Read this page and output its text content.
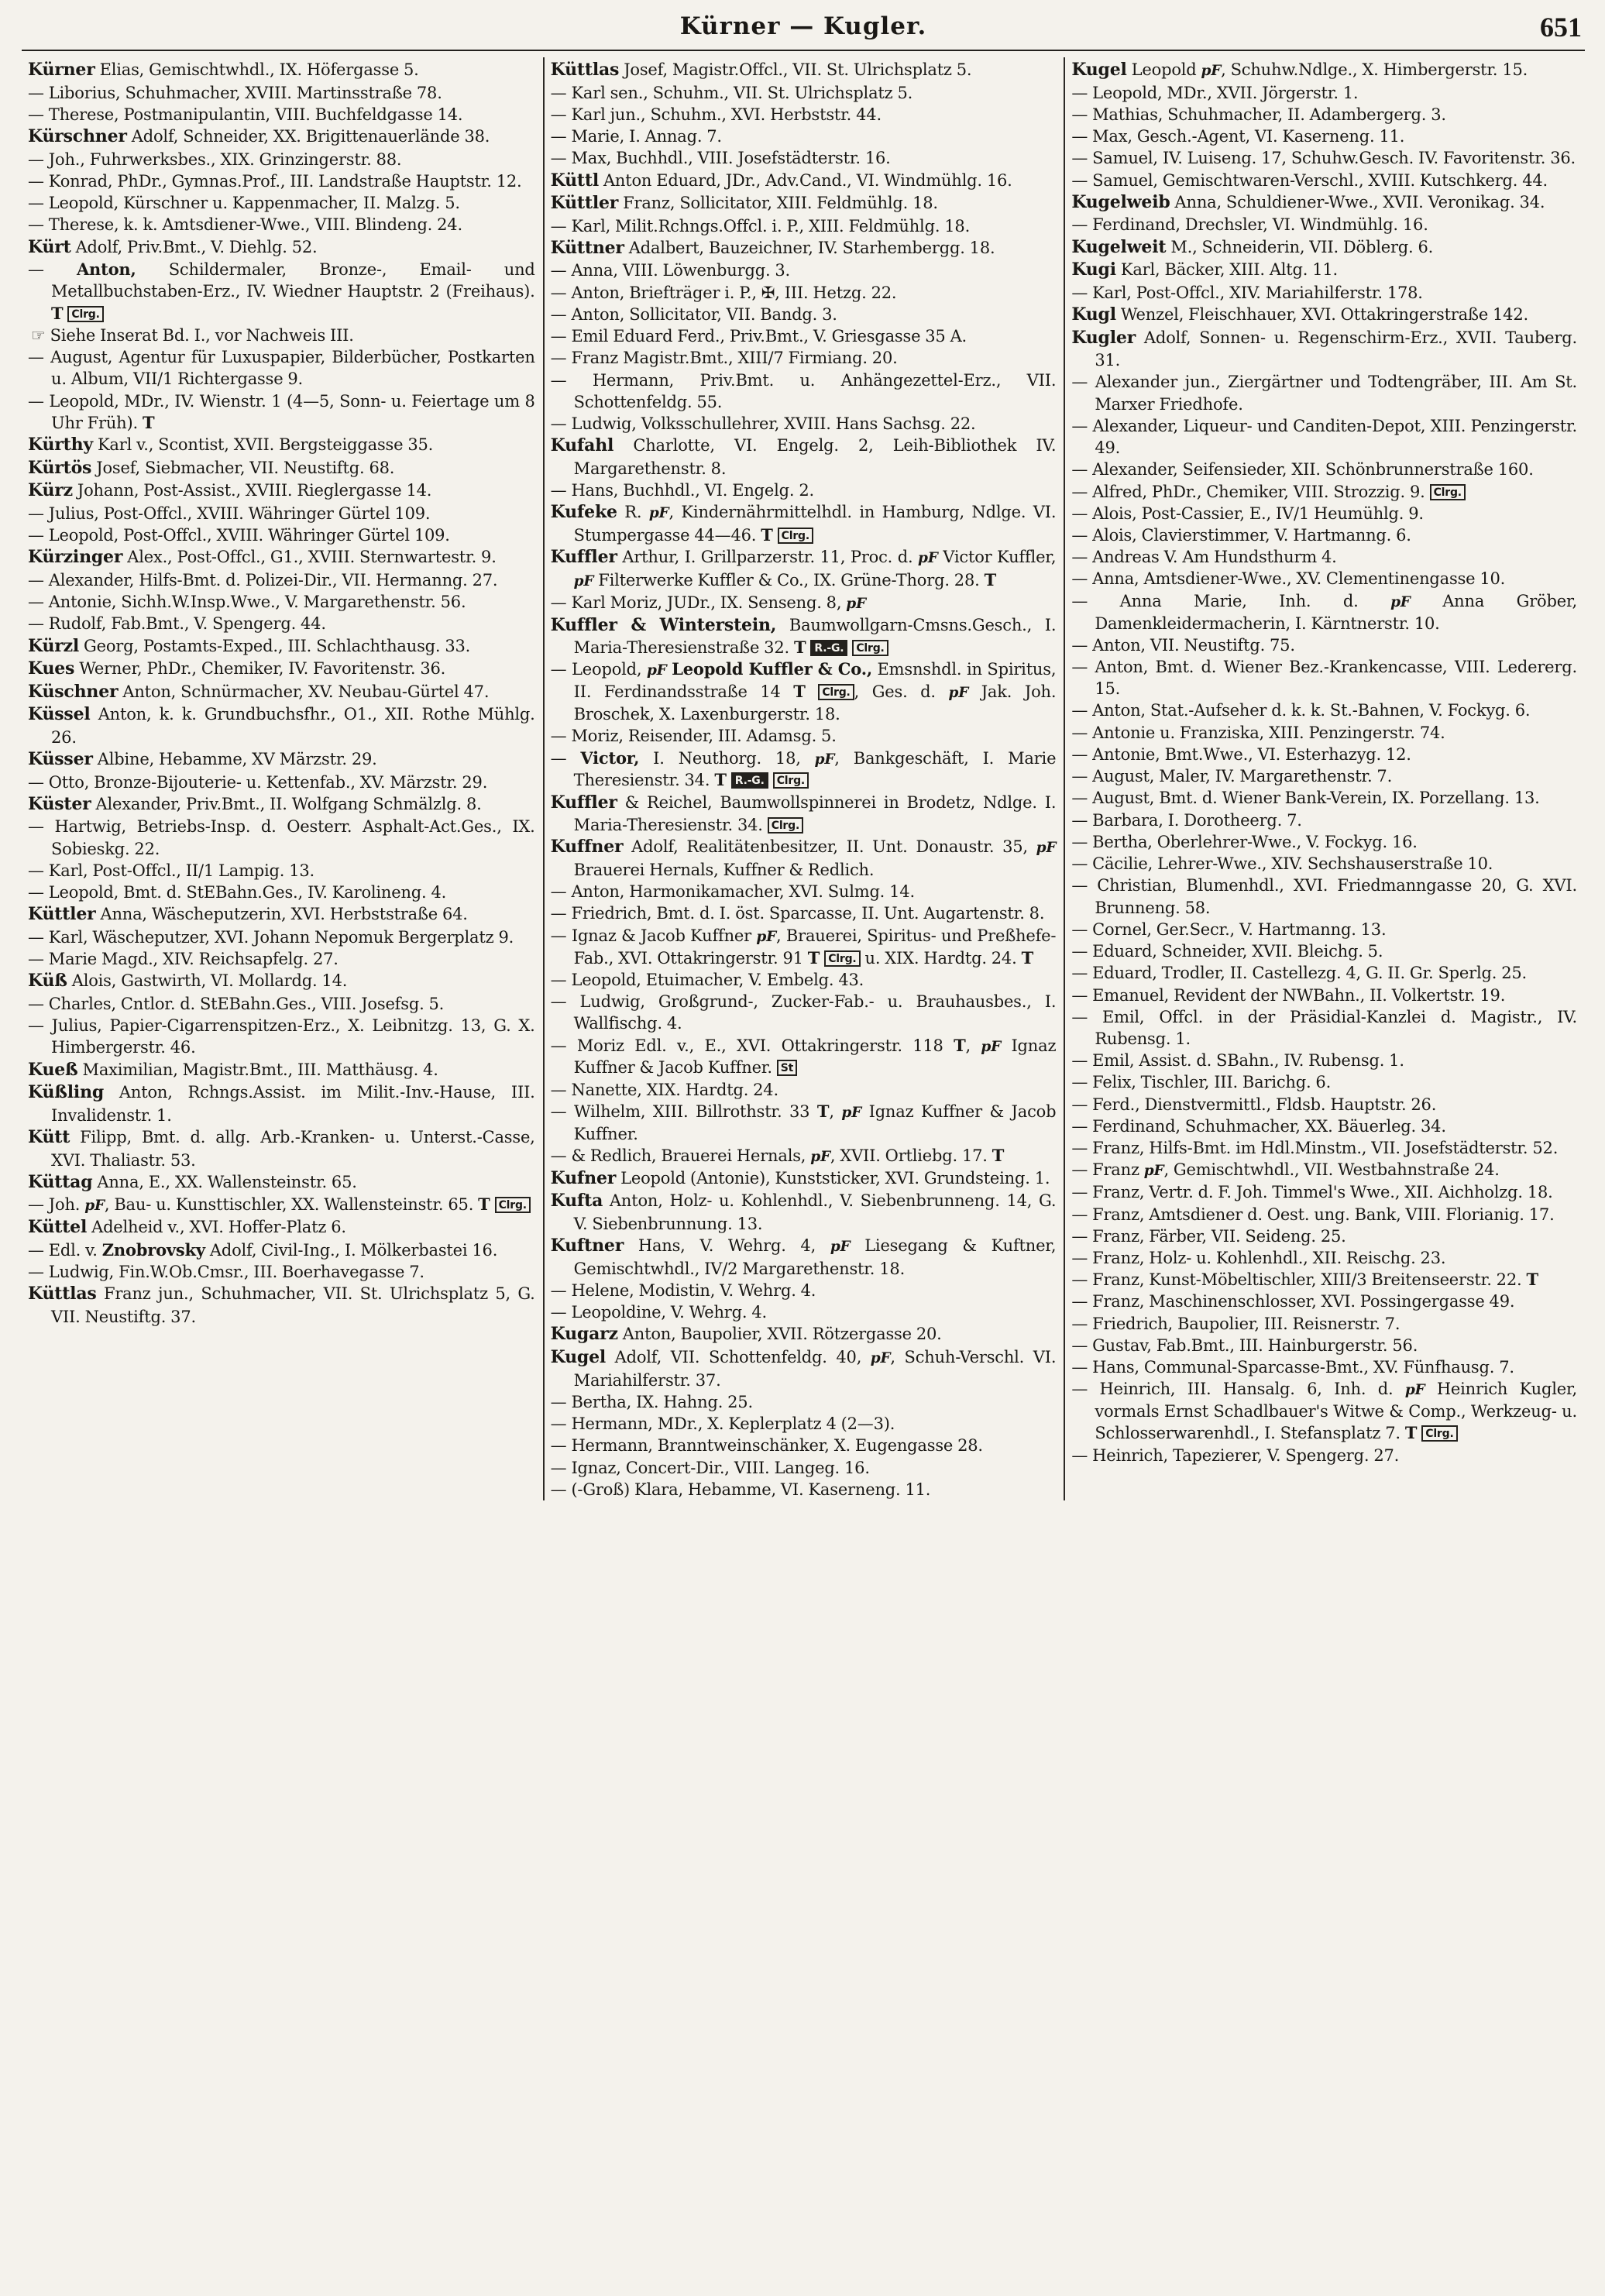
Kürner — Kugler.	651

Kürner Elias, Gemischtwhdl., IX. Höfergasse 5.

— Liborius, Schuhmacher, XVIII. Martinsstraße 78.

— Therese, Postmanipulantin, VIII. Buchfeldgasse 14.

Kürschner Adolf, Schneider, XX. Brigittenauerlände 38.

— Joh., Fuhrwerksbes., XIX. Grinzingerstr. 88.

— Konrad, PhDr., Gymnas.Prof., III. Landstraße Hauptstr. 12.

— Leopold, Kürschner u. Kappenmacher, II. Malzg. 5.

— Therese, k. k. Amtsdiener-Wwe., VIII. Blindeng. 24.

Kürt Adolf, Priv.Bmt., V. Diehlg. 52.

— Anton, Schildermaler, Bronze-, Email- und Metallbuchstaben-Erz., IV. Wiedner Hauptstr. 2 (Freihaus). T Clrg.

☞ Siehe Inserat Bd. I., vor Nachweis III.

— August, Agentur für Luxuspapier, Bilderbücher, Postkarten u. Album, VII/1 Richtergasse 9.

— Leopold, MDr., IV. Wienstr. 1 (4—5, Sonn- u. Feiertage um 8 Uhr Früh). T

Kürthy Karl v., Scontist, XVII. Bergsteiggasse 35.

Kürtös Josef, Siebmacher, VII. Neustiftg. 68.

Kürz Johann, Post-Assist., XVIII. Rieglergasse 14.

— Julius, Post-Offcl., XVIII. Währinger Gürtel 109.

— Leopold, Post-Offcl., XVIII. Währinger Gürtel 109.

Kürzinger Alex., Post-Offcl., G1., XVIII. Sternwartestr. 9.

— Alexander, Hilfs-Bmt. d. Polizei-Dir., VII. Hermanng. 27.

— Antonie, Sichh.W.Insp.Wwe., V. Margarethenstr. 56.

— Rudolf, Fab.Bmt., V. Spengerg. 44.

Kürzl Georg, Postamts-Exped., III. Schlachthausg. 33.

Kues Werner, PhDr., Chemiker, IV. Favoritenstr. 36.

Küschner Anton, Schnürmacher, XV. Neubau-Gürtel 47.

Küssel Anton, k. k. Grundbuchsfhr., O1., XII. Rothe Mühlg. 26.

Küsser Albine, Hebamme, XV Märzstr. 29.

— Otto, Bronze-Bijouterie- u. Kettenfab., XV. Märzstr. 29.

Küster Alexander, Priv.Bmt., II. Wolfgang Schmälzlg. 8.

— Hartwig, Betriebs-Insp. d. Oesterr. Asphalt-Act.Ges., IX. Sobieskg. 22.

— Karl, Post-Offcl., II/1 Lampig. 13.

— Leopold, Bmt. d. StEBahn.Ges., IV. Karolineng. 4.

Küttler Anna, Wäscheputzerin, XVI. Herbststraße 64.

— Karl, Wäscheputzer, XVI. Johann Nepomuk Bergerplatz 9.

— Marie Magd., XIV. Reichsapfelg. 27.

Küß Alois, Gastwirth, VI. Mollardg. 14.

— Charles, Cntlor. d. StEBahn.Ges., VIII. Josefsg. 5.

— Julius, Papier-Cigarrenspitzen-Erz., X. Leibnitzg. 13, G. X. Himbergerstr. 46.

Kueß Maximilian, Magistr.Bmt., III. Matthäusg. 4.

Küßling Anton, Rchngs.Assist. im Milit.-Inv.-Hause, III. Invalidenstr. 1.

Kütt Filipp, Bmt. d. allg. Arb.-Kranken- u. Unterst.-Casse, XVI. Thaliastr. 53.

Küttag Anna, E., XX. Wallensteinstr. 65.

— Joh. pF, Bau- u. Kunsttischler, XX. Wallensteinstr. 65. T Clrg.

Küttel Adelheid v., XVI. Hoffer-Platz 6.

— Edl. v. Znobrovsky Adolf, Civil-Ing., I. Mölkerbastei 16.

— Ludwig, Fin.W.Ob.Cmsr., III. Boerhavegasse 7.

Küttlas Franz jun., Schuhmacher, VII. St. Ulrichsplatz 5, G. VII. Neustiftg. 37.

Küttlas Josef, Magistr.Offcl., VII. St. Ulrichsplatz 5.

— Karl sen., Schuhm., VII. St. Ulrichsplatz 5.

— Karl jun., Schuhm., XVI. Herbststr. 44.

— Marie, I. Annag. 7.

— Max, Buchhdl., VIII. Josefstädterstr. 16.

Küttl Anton Eduard, JDr., Adv.Cand., VI. Windmühlg. 16.

Küttler Franz, Sollicitator, XIII. Feldmühlg. 18.

— Karl, Milit.Rchngs.Offcl. i. P., XIII. Feldmühlg. 18.

Küttner Adalbert, Bauzeichner, IV. Starhembergg. 18.

— Anna, VIII. Löwenburgg. 3.

— Anton, Briefträger i. P., ✠, III. Hetzg. 22.

— Anton, Sollicitator, VII. Bandg. 3.

— Emil Eduard Ferd., Priv.Bmt., V. Griesgasse 35 A.

— Franz Magistr.Bmt., XIII/7 Firmiang. 20.

— Hermann, Priv.Bmt. u. Anhängezettel-Erz., VII. Schottenfeldg. 55.

— Ludwig, Volksschullehrer, XVIII. Hans Sachsg. 22.

Kufahl Charlotte, VI. Engelg. 2, Leih-Bibliothek IV. Margarethenstr. 8.

— Hans, Buchhdl., VI. Engelg. 2.

Kufeke R. pF, Kindernährmittelhdl. in Hamburg, Ndlge. VI. Stumpergasse 44—46. T Clrg.

Kuffler Arthur, I. Grillparzerstr. 11, Proc. d. pF Victor Kuffler, pF Filterwerke Kuffler & Co., IX. Grüne-Thorg. 28. T

— Karl Moriz, JUDr., IX. Senseng. 8, pF

Kuffler & Winterstein, Baumwollgarn-Cmsns.Gesch., I. Maria-Theresienstraße 32. T R.-G. Clrg.

— Leopold, pF Leopold Kuffler & Co., Emsnshdl. in Spiritus, II. Ferdinandsstraße 14 T Clrg. , Ges. d. pF Jak. Joh. Broschek, X. Laxenburgerstr. 18.

— Moriz, Reisender, III. Adamsg. 5.

— Victor, I. Neuthorg. 18, pF, Bankgeschäft, I. Marie Theresienstr. 34. T R.-G. Clrg.

Kuffler & Reichel, Baumwollspinnerei in Brodetz, Ndlge. I. Maria-Theresienstr. 34. Clrg.

Kuffner Adolf, Realitätenbesitzer, II. Unt. Donaustr. 35, pF Brauerei Hernals, Kuffner & Redlich.

— Anton, Harmonikamacher, XVI. Sulmg. 14.

— Friedrich, Bmt. d. I. öst. Sparcasse, II. Unt. Augartenstr. 8.

— Ignaz & Jacob Kuffner pF, Brauerei, Spiritus- und Preßhefe-Fab., XVI. Ottakringerstr. 91 T Clrg. u. XIX. Hardtg. 24. T

— Leopold, Etuimacher, V. Embelg. 43.

— Ludwig, Großgrund-, Zucker-Fab.- u. Brauhausbes., I. Wallfischg. 4.

— Moriz Edl. v., E., XVI. Ottakringerstr. 118 T, pF Ignaz Kuffner & Jacob Kuffner. St

— Nanette, XIX. Hardtg. 24.

— Wilhelm, XIII. Billrothstr. 33 T, pF Ignaz Kuffner & Jacob Kuffner.

— & Redlich, Brauerei Hernals, pF, XVII. Ortliebg. 17. T

Kufner Leopold (Antonie), Kunststicker, XVI. Grundsteing. 1.

Kufta Anton, Holz- u. Kohlenhdl., V. Siebenbrunneng. 14, G. V. Siebenbrunnung. 13.

Kuftner Hans, V. Wehrg. 4, pF Liesegang & Kuftner, Gemischtwhdl., IV/2 Margarethenstr. 18.

— Helene, Modistin, V. Wehrg. 4.

— Leopoldine, V. Wehrg. 4.

Kugarz Anton, Baupolier, XVII. Rötzergasse 20.

Kugel Adolf, VII. Schottenfeldg. 40, pF, Schuh-Verschl. VI. Mariahilferstr. 37.

— Bertha, IX. Hahng. 25.

— Hermann, MDr., X. Keplerplatz 4 (2—3).

— Hermann, Branntweinschänker, X. Eugengasse 28.

— Ignaz, Concert-Dir., VIII. Langeg. 16.

— (-Groß) Klara, Hebamme, VI. Kaserneng. 11.

Kugel Leopold pF, Schuhw.Ndlge., X. Himbergerstr. 15.

— Leopold, MDr., XVII. Jörgerstr. 1.

— Mathias, Schuhmacher, II. Adambergerg. 3.

— Max, Gesch.-Agent, VI. Kaserneng. 11.

— Samuel, IV. Luiseng. 17, Schuhw.Gesch. IV. Favoritenstr. 36.

— Samuel, Gemischtwaren-Verschl., XVIII. Kutschkerg. 44.

Kugelweib Anna, Schuldiener-Wwe., XVII. Veronikag. 34.

— Ferdinand, Drechsler, VI. Windmühlg. 16.

Kugelweit M., Schneiderin, VII. Döblerg. 6.

Kugi Karl, Bäcker, XIII. Altg. 11.

— Karl, Post-Offcl., XIV. Mariahilferstr. 178.

Kugl Wenzel, Fleischhauer, XVI. Ottakringerstraße 142.

Kugler Adolf, Sonnen- u. Regenschirm-Erz., XVII. Tauberg. 31.

— Alexander jun., Ziergärtner und Todtengräber, III. Am St. Marxer Friedhofe.

— Alexander, Liqueur- und Canditen-Depot, XIII. Penzingerstr. 49.

— Alexander, Seifensieder, XII. Schönbrunnerstraße 160.

— Alfred, PhDr., Chemiker, VIII. Strozzig. 9. Clrg.

— Alois, Post-Cassier, E., IV/1 Heumühlg. 9.

— Alois, Clavierstimmer, V. Hartmanng. 6.

— Andreas V. Am Hundsthurm 4.

— Anna, Amtsdiener-Wwe., XV. Clementinengasse 10.

— Anna Marie, Inh. d. pF Anna Gröber, Damenkleidermacherin, I. Kärntnerstr. 10.

— Anton, VII. Neustiftg. 75.

— Anton, Bmt. d. Wiener Bez.-Krankencasse, VIII. Ledererg. 15.

— Anton, Stat.-Aufseher d. k. k. St.-Bahnen, V. Fockyg. 6.

— Antonie u. Franziska, XIII. Penzingerstr. 74.

— Antonie, Bmt.Wwe., VI. Esterhazyg. 12.

— August, Maler, IV. Margarethenstr. 7.

— August, Bmt. d. Wiener Bank-Verein, IX. Porzellang. 13.

— Barbara, I. Dorotheerg. 7.

— Bertha, Oberlehrer-Wwe., V. Fockyg. 16.

— Cäcilie, Lehrer-Wwe., XIV. Sechshauserstraße 10.

— Christian, Blumenhdl., XVI. Friedmanngasse 20, G. XVI. Brunneng. 58.

— Cornel, Ger.Secr., V. Hartmanng. 13.

— Eduard, Schneider, XVII. Bleichg. 5.

— Eduard, Trodler, II. Castellezg. 4, G. II. Gr. Sperlg. 25.

— Emanuel, Revident der NWBahn., II. Volkertstr. 19.

— Emil, Offcl. in der Präsidial-Kanzlei d. Magistr., IV. Rubensg. 1.

— Emil, Assist. d. SBahn., IV. Rubensg. 1.

— Felix, Tischler, III. Barichg. 6.

— Ferd., Dienstvermittl., Fldsb. Hauptstr. 26.

— Ferdinand, Schuhmacher, XX. Bäuerleg. 34.

— Franz, Hilfs-Bmt. im Hdl.Minstm., VII. Josefstädterstr. 52.

— Franz pF, Gemischtwhdl., VII. Westbahnstraße 24.

— Franz, Vertr. d. F. Joh. Timmel's Wwe., XII. Aichholzg. 18.

— Franz, Amtsdiener d. Oest. ung. Bank, VIII. Florianig. 17.

— Franz, Färber, VII. Seideng. 25.

— Franz, Holz- u. Kohlenhdl., XII. Reischg. 23.

— Franz, Kunst-Möbeltischler, XIII/3 Breitenseerstr. 22. T

— Franz, Maschinenschlosser, XVI. Possingergasse 49.

— Friedrich, Baupolier, III. Reisnerstr. 7.

— Gustav, Fab.Bmt., III. Hainburgerstr. 56.

— Hans, Communal-Sparcasse-Bmt., XV. Fünfhausg. 7.

— Heinrich, III. Hansalg. 6, Inh. d. pF Heinrich Kugler, vormals Ernst Schadlbauer's Witwe & Comp., Werkzeug- u. Schlosserwarenhdl., I. Stefansplatz 7. T Clrg.

— Heinrich, Tapezierer, V. Spengerg. 27.
